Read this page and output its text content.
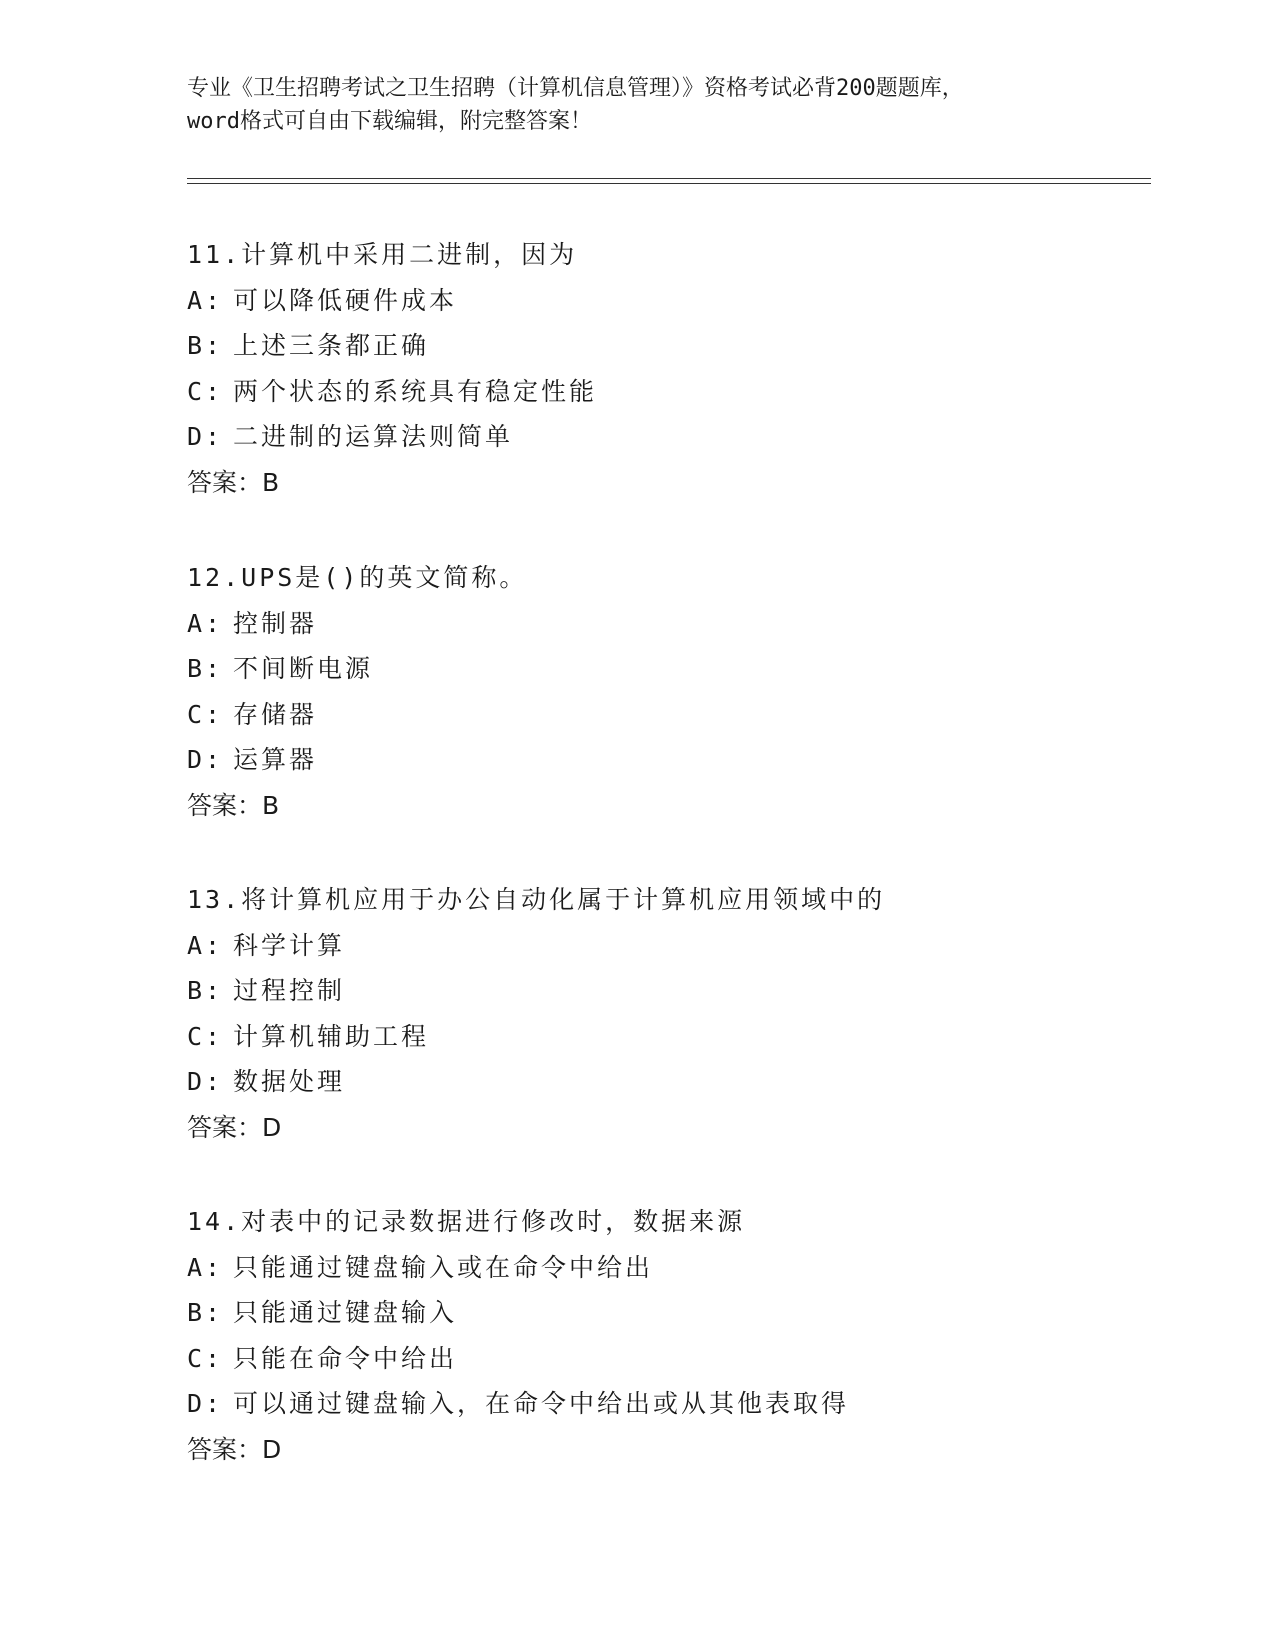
专业《卫生招聘考试之卫生招聘（计算机信息管理）》资格考试必背200题题库，
word格式可自由下载编辑，附完整答案！
11.计算机中采用二进制，因为
A: 可以降低硬件成本
B: 上述三条都正确
C: 两个状态的系统具有稳定性能
D: 二进制的运算法则简单
答案：B
12.UPS是()的英文简称。
A: 控制器
B: 不间断电源
C: 存储器
D: 运算器
答案：B
13.将计算机应用于办公自动化属于计算机应用领域中的
A: 科学计算
B: 过程控制
C: 计算机辅助工程
D: 数据处理
答案：D
14.对表中的记录数据进行修改时，数据来源
A: 只能通过键盘输入或在命令中给出
B: 只能通过键盘输入
C: 只能在命令中给出
D: 可以通过键盘输入，在命令中给出或从其他表取得
答案：D
